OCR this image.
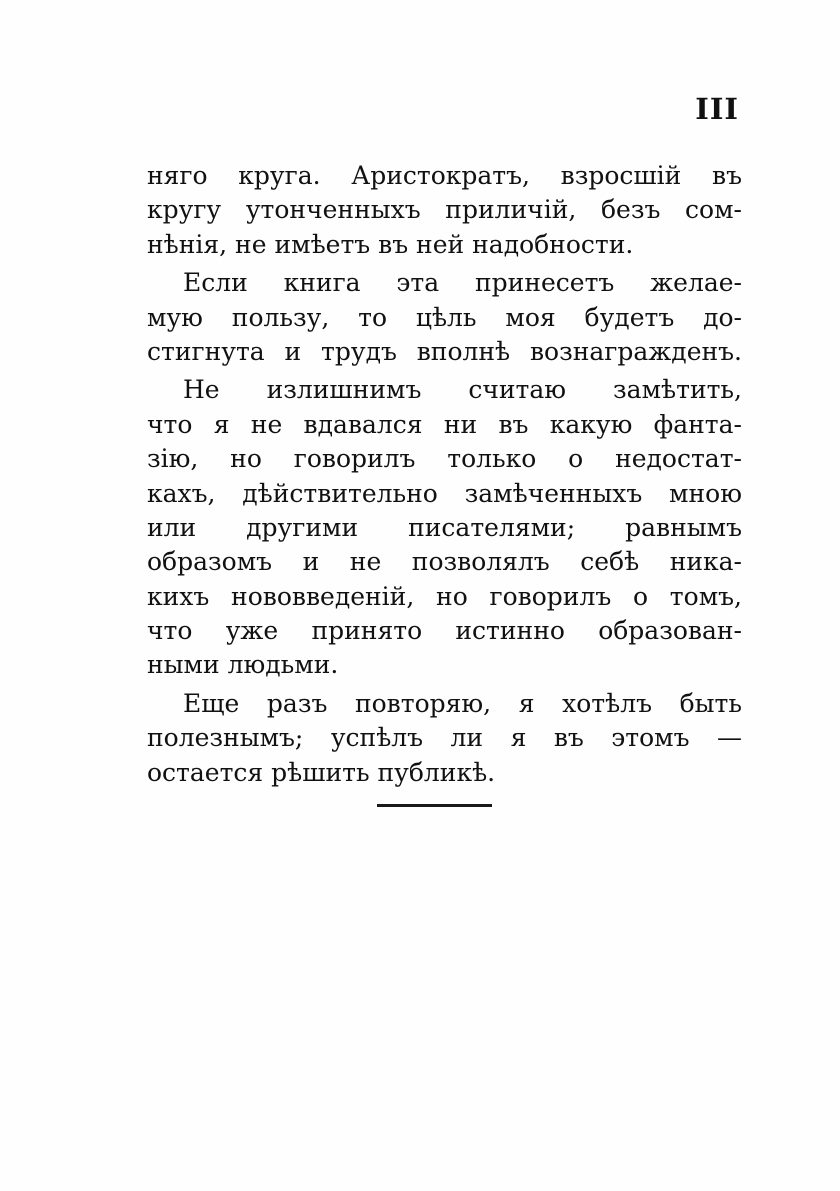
III
няго круга. Аристократъ, взросшій въ
кругу утонченныхъ приличій, безъ сом-
нѣнія, не имѣетъ въ ней надобности.
Если книга эта принесетъ желае-
мую пользу, то цѣль моя будетъ до-
стигнута и трудъ вполнѣ вознагражденъ.
Не излишнимъ считаю замѣтить,
что я не вдавался ни въ какую фанта-
зію, но говорилъ только о недостат-
кахъ, дѣйствительно замѣченныхъ мною
или другими писателями; равнымъ
образомъ и не позволялъ себѣ ника-
кихъ нововведеній, но говорилъ о томъ,
что уже принято истинно образован-
ными людьми.
Еще разъ повторяю, я хотѣлъ быть
полезнымъ; успѣлъ ли я въ этомъ —
остается рѣшить публикѣ.
